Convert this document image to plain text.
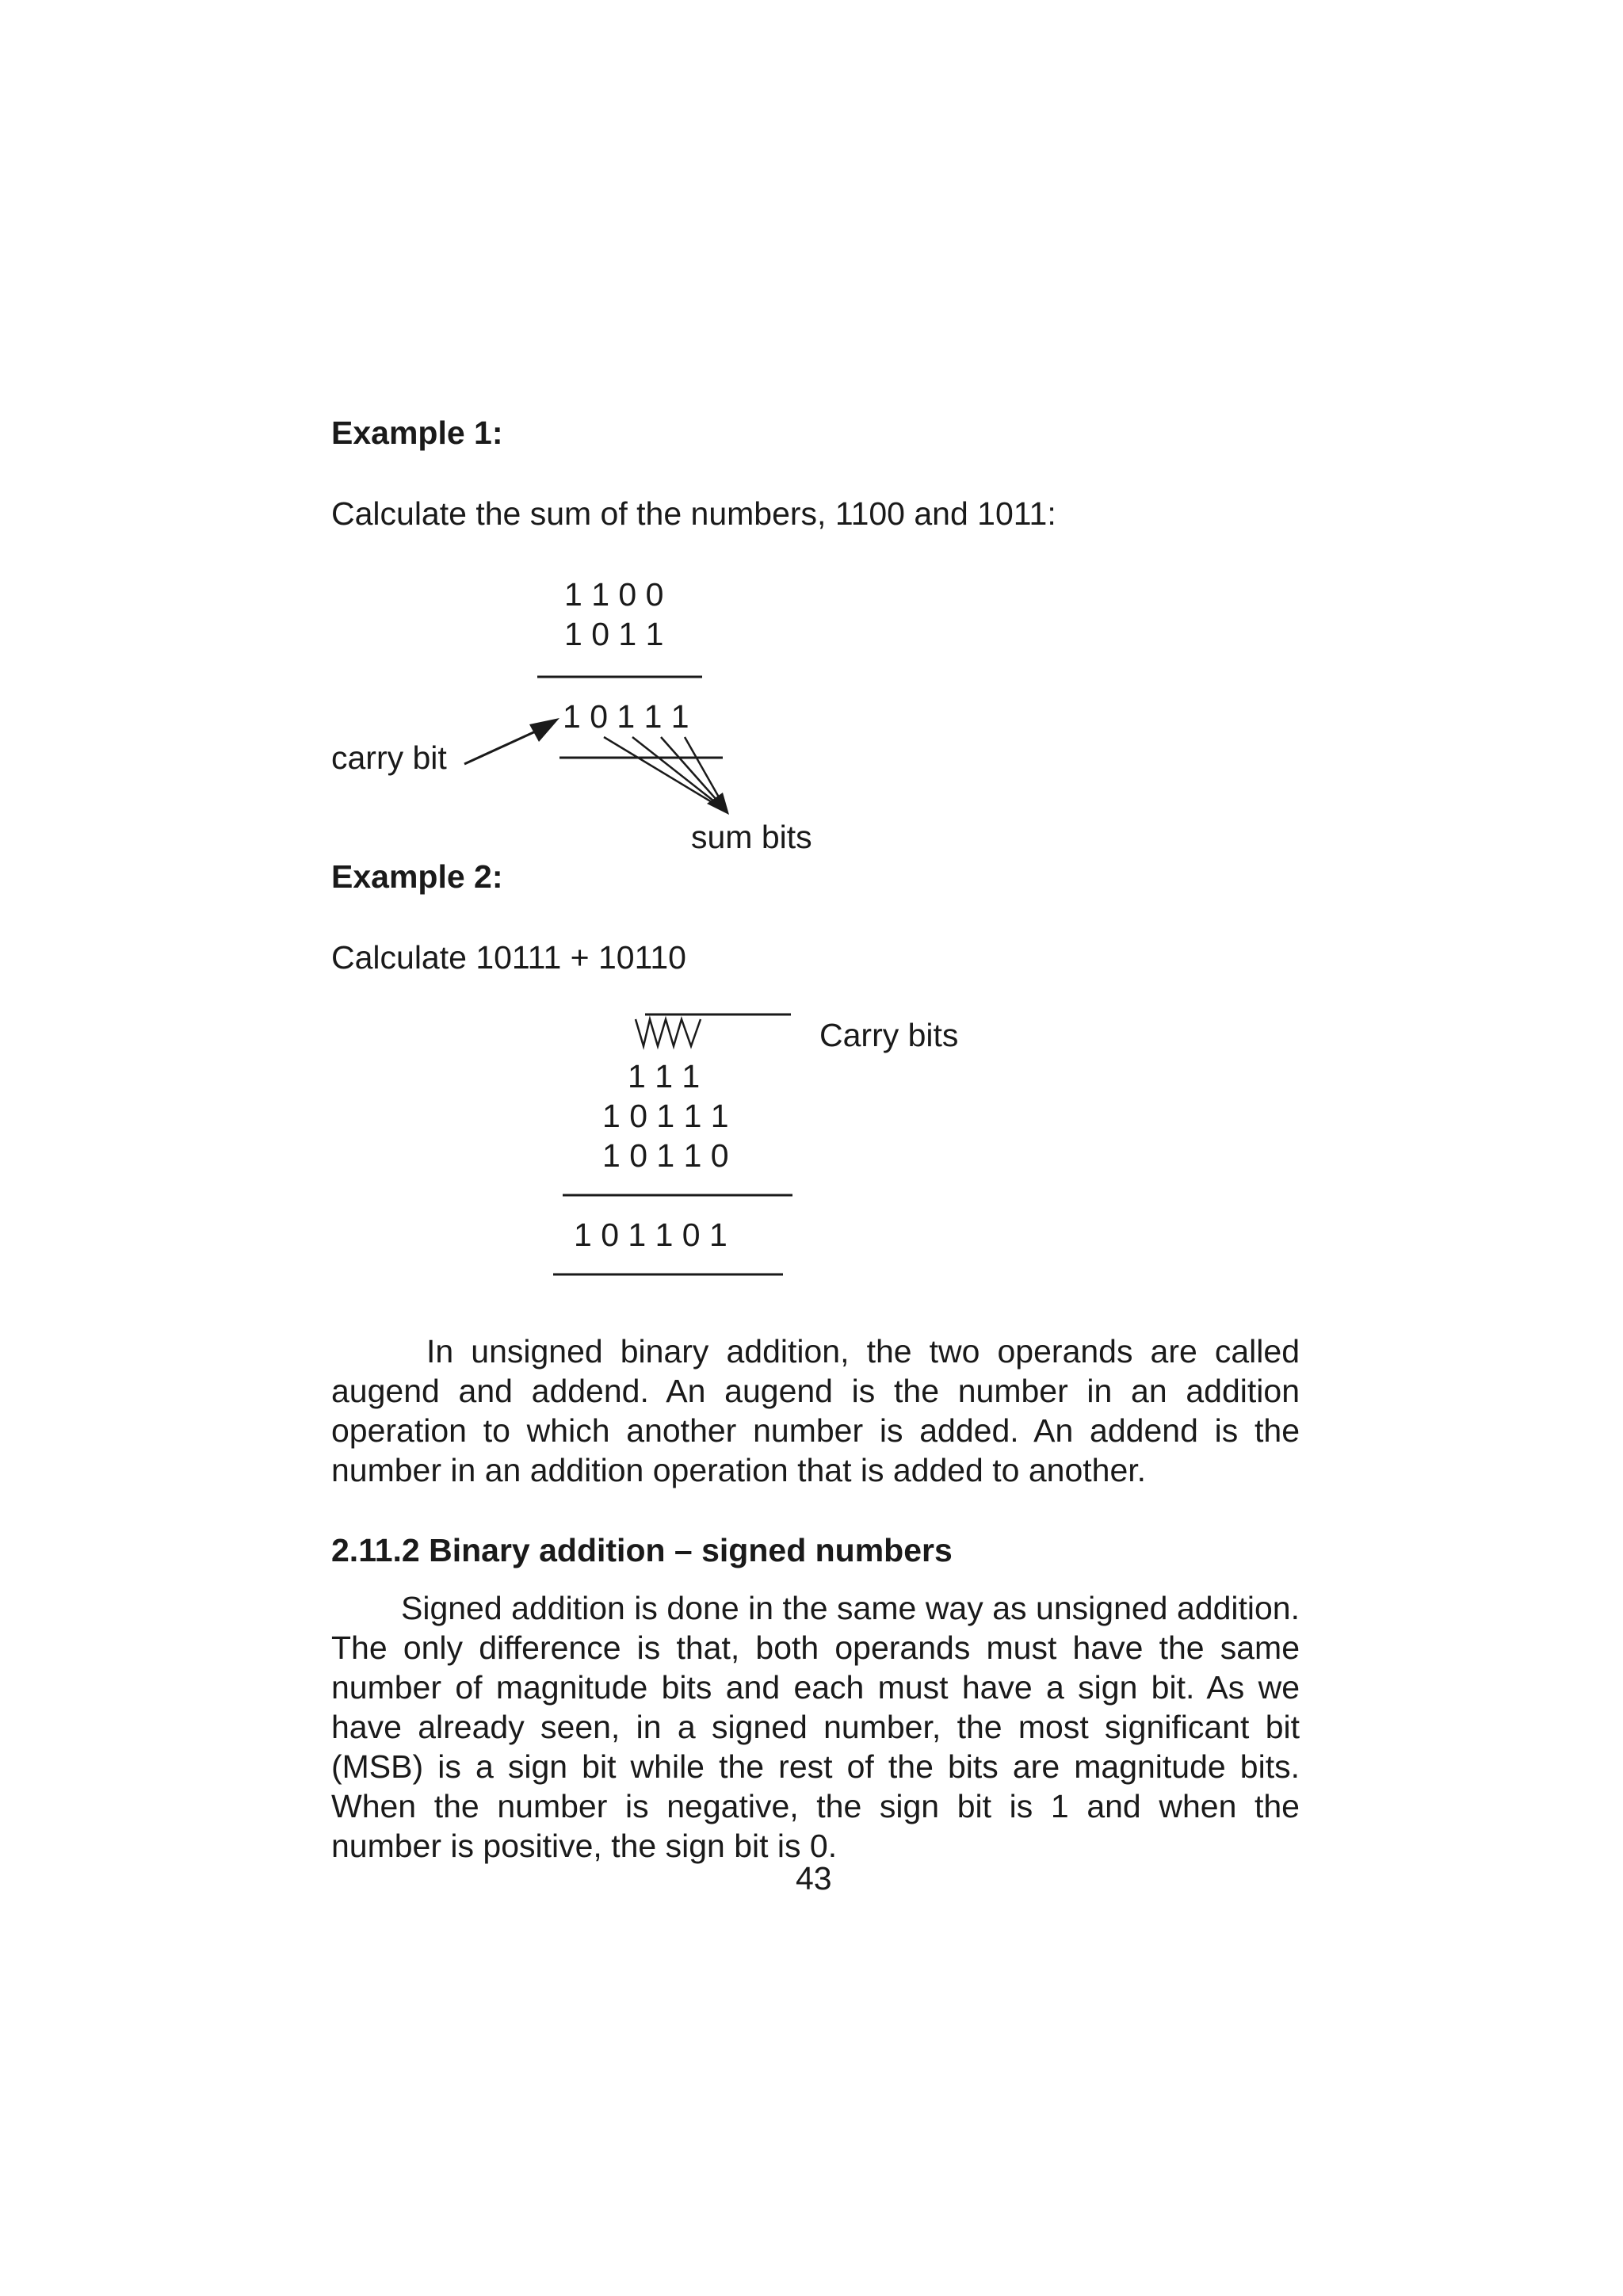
Example 1:
Calculate the sum of the numbers, 1100 and 1011:
1 1 0 0
1 0 1 1
1 0 1 1 1
carry bit
sum bits
Example 2:
Calculate 10111 + 10110
Carry bits
1 1 1
1 0 1 1 1
1 0 1 1 0
1 0 1 1 0 1
In unsigned binary addition, the two operands are called augend and addend. An augend is the number in an addition operation to which another number is added. An addend is the number in an addition operation that is added to another.
2.11.2 Binary addition – signed numbers
Signed addition is done in the same way as unsigned addition. The only difference is that, both operands must have the same number of magnitude bits and each must have a sign bit. As we have already seen, in a signed number, the most significant bit (MSB) is a sign bit while the rest of the bits are magnitude bits. When the number is negative, the sign bit is 1 and when the number is positive, the sign bit is 0.
43
